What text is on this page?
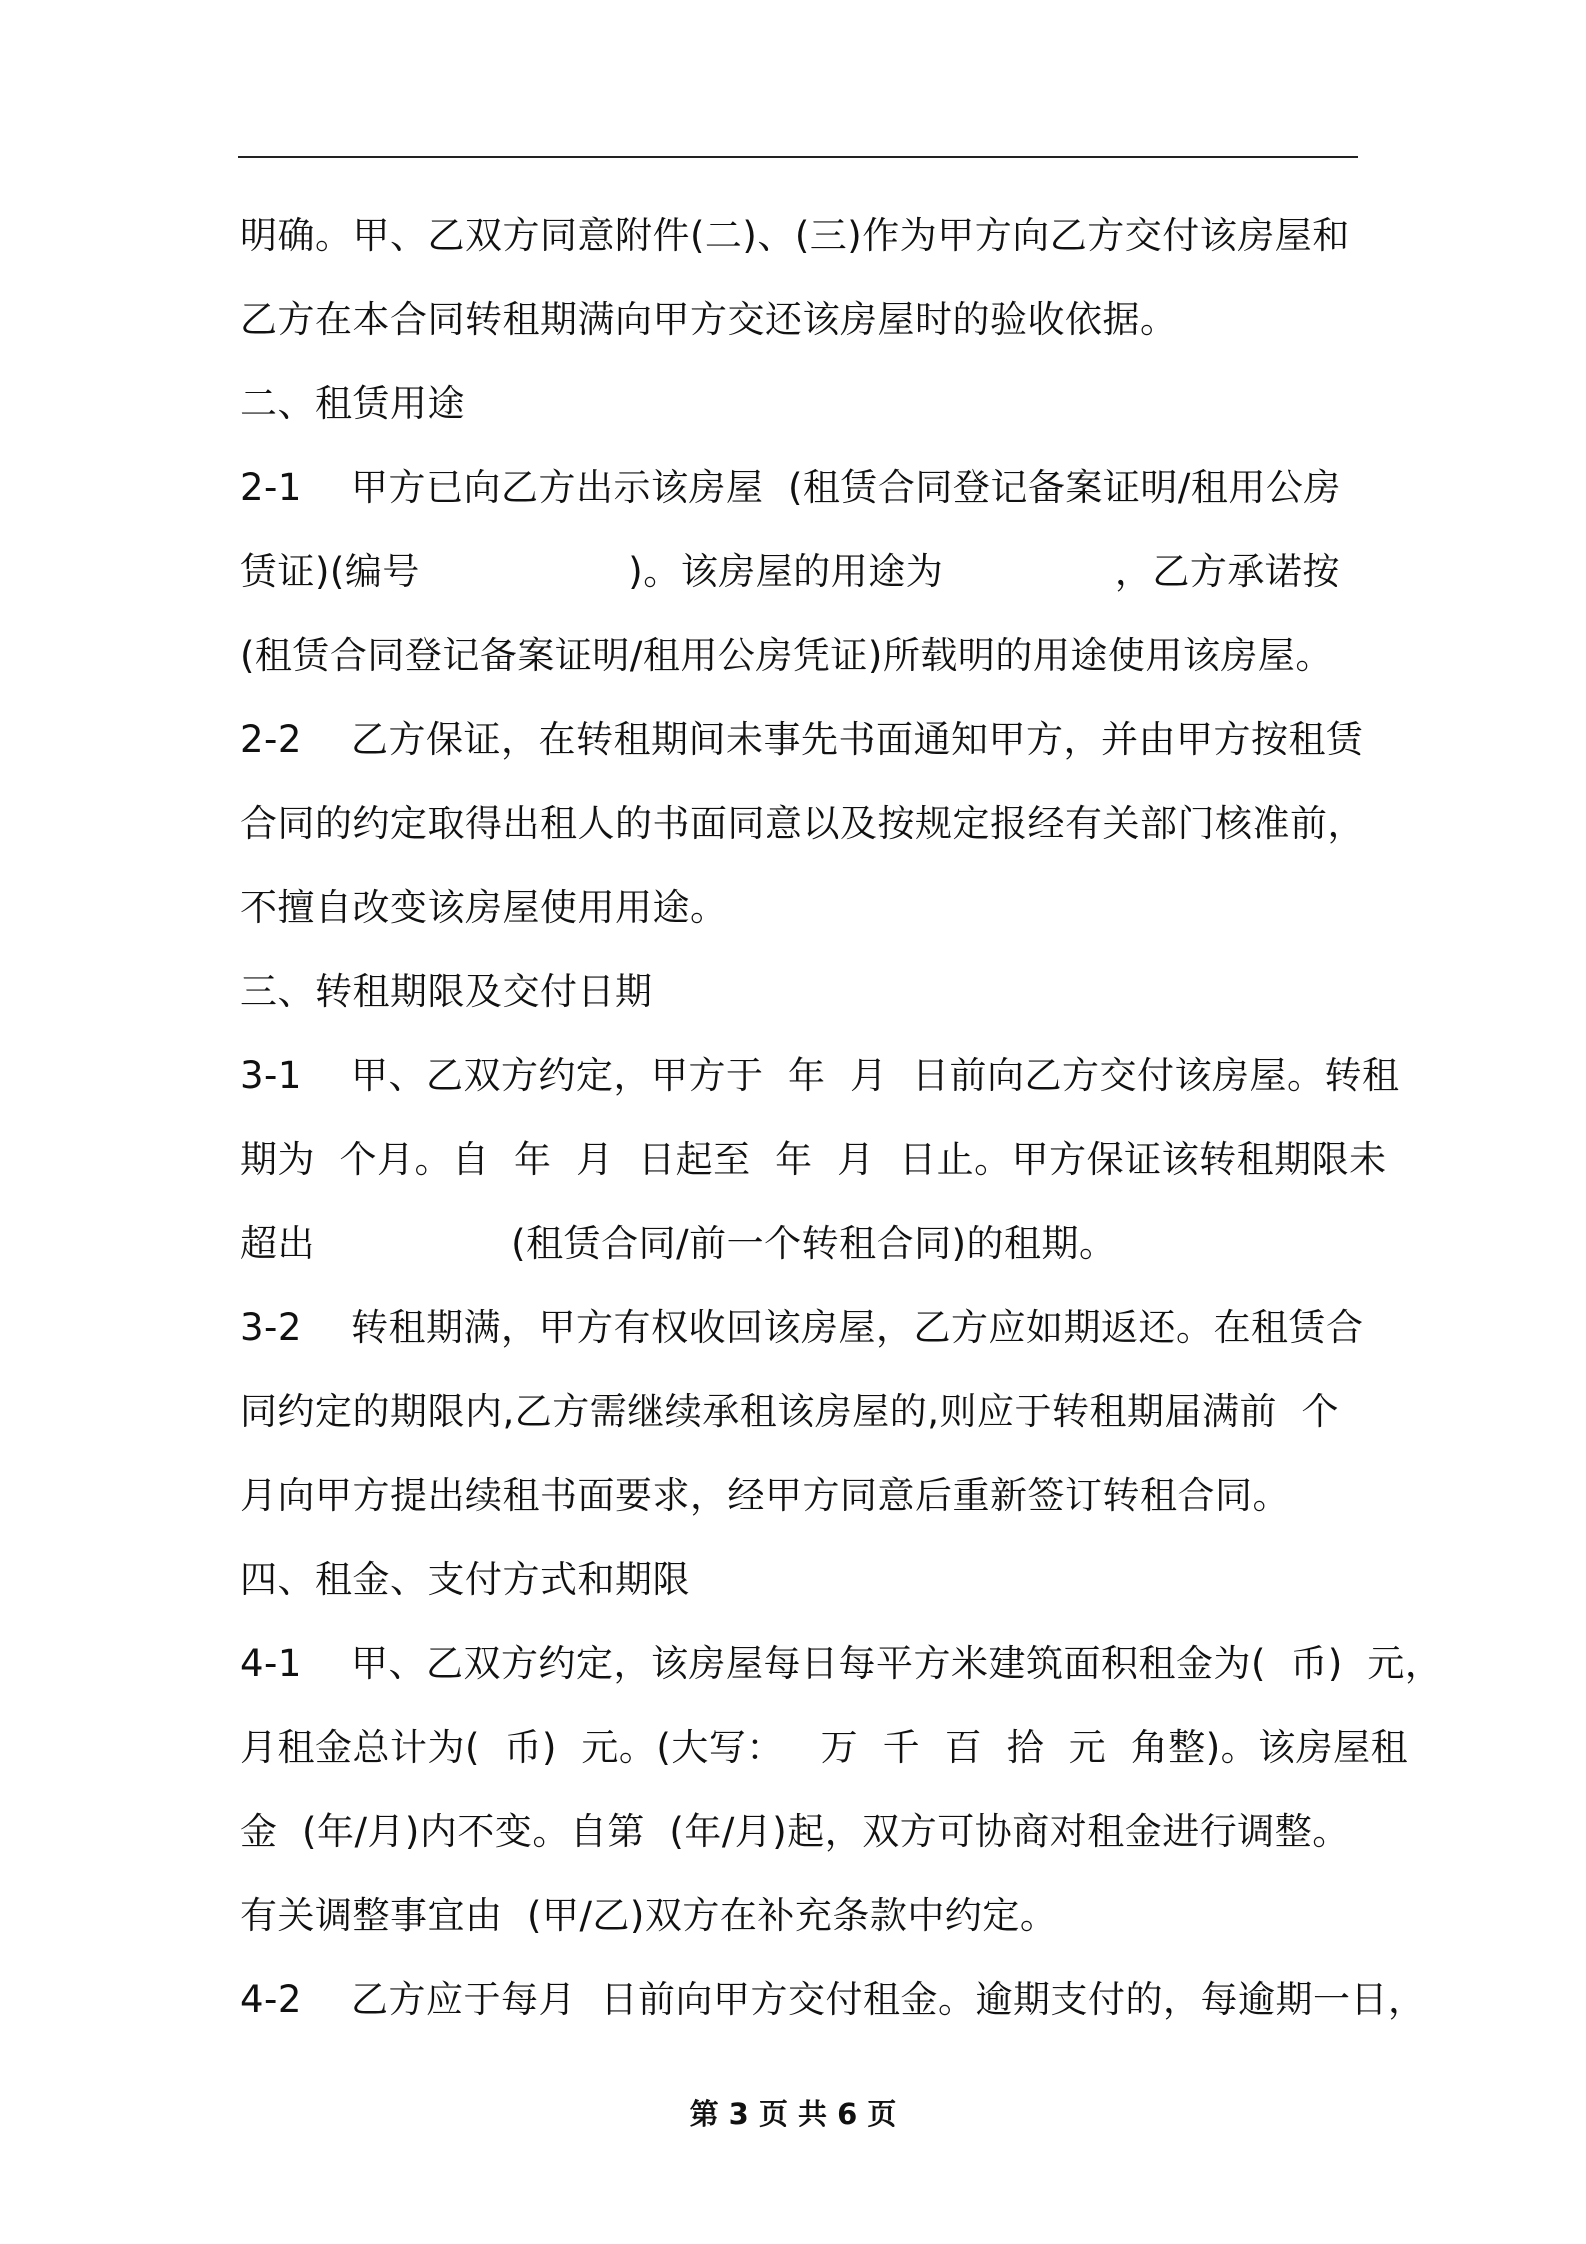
明确。甲、乙双方同意附件(二)、(三)作为甲方向乙方交付该房屋和
乙方在本合同转租期满向甲方交还该房屋时的验收依据。
二、租赁用途
2-1    甲方已向乙方出示该房屋  (租赁合同登记备案证明/租用公房
赁证)(编号                 )。该房屋的用途为              ，乙方承诺按
(租赁合同登记备案证明/租用公房凭证)所载明的用途使用该房屋。
2-2    乙方保证，在转租期间未事先书面通知甲方，并由甲方按租赁
合同的约定取得出租人的书面同意以及按规定报经有关部门核准前，
不擅自改变该房屋使用用途。
三、转租期限及交付日期
3-1    甲、乙双方约定，甲方于  年  月  日前向乙方交付该房屋。转租
期为  个月。自  年  月  日起至  年  月  日止。甲方保证该转租期限未
超出                (租赁合同/前一个转租合同)的租期。
3-2    转租期满，甲方有权收回该房屋，乙方应如期返还。在租赁合
同约定的期限内,乙方需继续承租该房屋的,则应于转租期届满前  个
月向甲方提出续租书面要求，经甲方同意后重新签订转租合同。
四、租金、支付方式和期限
4-1    甲、乙双方约定，该房屋每日每平方米建筑面积租金为(  币)  元，
月租金总计为(  币)  元。(大写：   万  千  百  拾  元  角整)。该房屋租
金  (年/月)内不变。自第  (年/月)起，双方可协商对租金进行调整。
有关调整事宜由  (甲/乙)双方在补充条款中约定。
4-2    乙方应于每月  日前向甲方交付租金。逾期支付的，每逾期一日，
第 3 页 共 6 页
